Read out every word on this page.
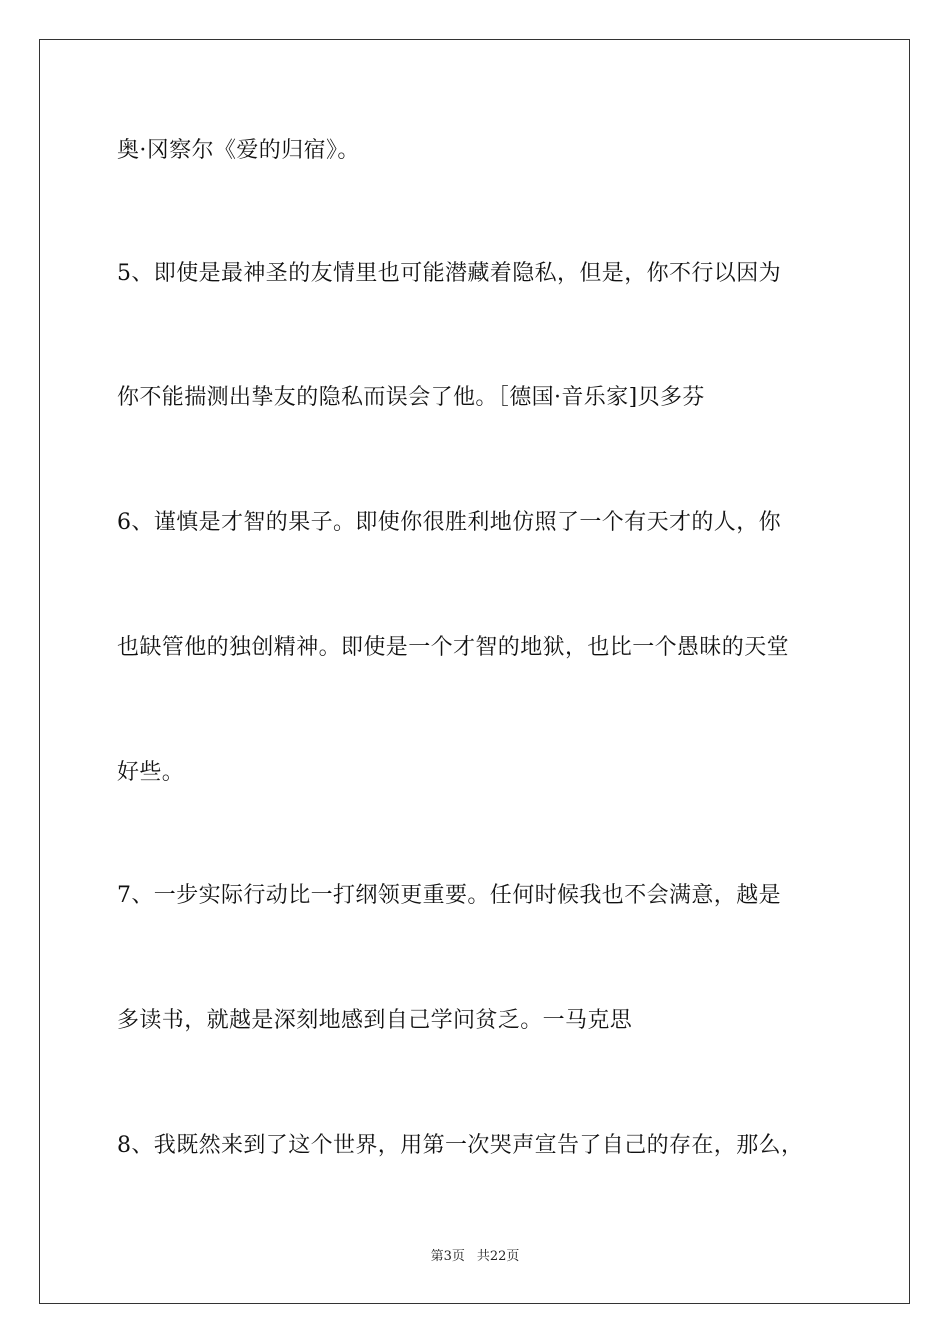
奥·冈察尔《爱的归宿》。
5、即使是最神圣的友情里也可能潜藏着隐私，但是，你不行以因为
你不能揣测出挚友的隐私而误会了他。［德国·音乐家]贝多芬
6、谨慎是才智的果子。即使你很胜利地仿照了一个有天才的人，你
也缺管他的独创精神。即使是一个才智的地狱，也比一个愚昧的天堂
好些。
7、一步实际行动比一打纲领更重要。任何时候我也不会满意，越是
多读书，就越是深刻地感到自己学问贫乏。一马克思
8、我既然来到了这个世界，用第一次哭声宣告了自己的存在，那么，
第3页 共22页
